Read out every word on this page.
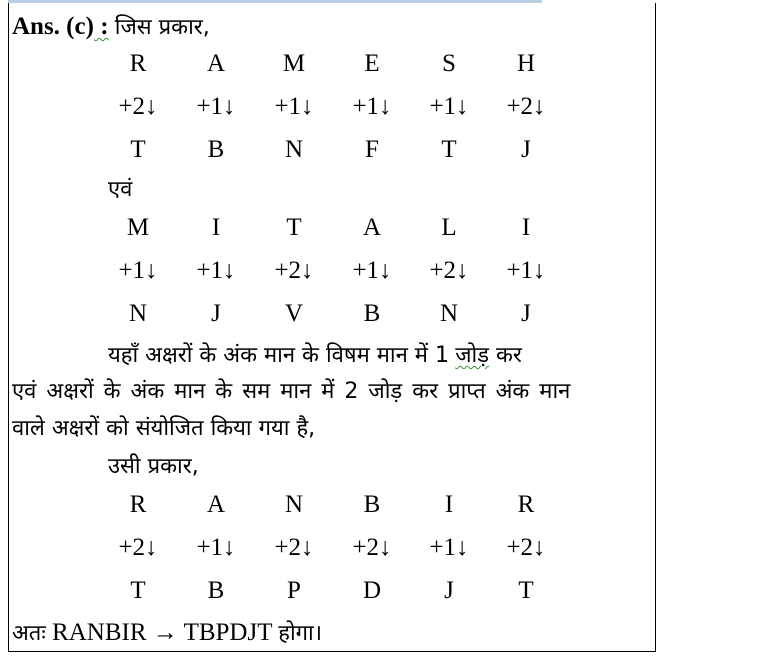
Ans. (c) : जिस प्रकार,
R	A	M	E	S	H
+2↓	+1↓	+1↓	+1↓	+1↓	+2↓
T	B	N	F	T	J
एवं
M	I	T	A	L	I
+1↓	+1↓	+2↓	+1↓	+2↓	+1↓
N	J	V	B	N	J
यहाँ अक्षरों के अंक मान के विषम मान में 1 जोड़ कर
एवं अक्षरों के अंक मान के सम मान में 2 जोड़ कर प्राप्त अंक मान
वाले अक्षरों को संयोजित किया गया है,
उसी प्रकार,
R	A	N	B	I	R
+2↓	+1↓	+2↓	+2↓	+1↓	+2↓
T	B	P	D	J	T
अतः RANBIR → TBPDJT होगा।
